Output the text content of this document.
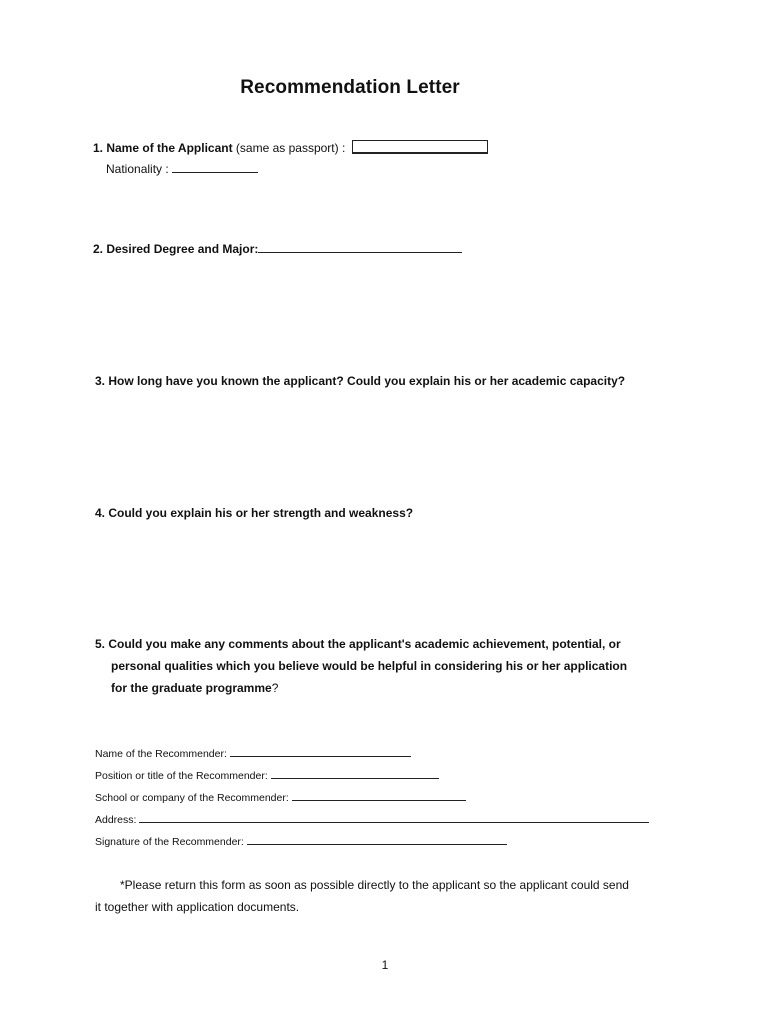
Recommendation Letter
1. Name of the Applicant (same as passport) :
Nationality :
2. Desired Degree and Major:
3. How long have you known the applicant? Could you explain his or her academic capacity?
4. Could you explain his or her strength and weakness?
5. Could you make any comments about the applicant's academic achievement, potential, or
personal qualities which you believe would be helpful in considering his or her application
for the graduate programme?
Name of the Recommender:
Position or title of the Recommender:
School or company of the Recommender:
Address:
Signature of the Recommender:
*Please return this form as soon as possible directly to the applicant so the applicant could send
it together with application documents.
1
